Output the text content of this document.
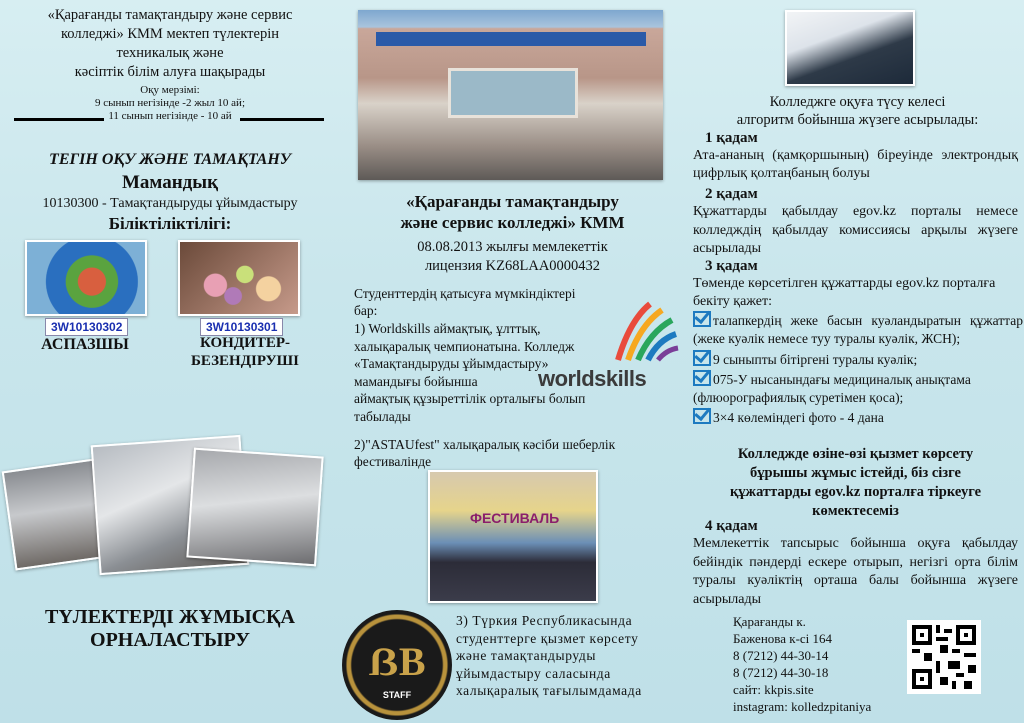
«Қарағанды тамақтандыру және сервис
колледжі» КММ мектеп түлектерін
техникалық және
кәсіптік білім алуға шақырады
Оқу мерзімі:
9 сынып негізінде -2 жыл 10 ай;
11 сынып негізінде - 10 ай
ТЕГІН ОҚУ ЖӘНЕ ТАМАҚТАНУ
Мамандық
10130300 - Тамақтандыруды ұйымдастыру
Біліктіліктілігі:
3W10130302	3W10130301
АСПАЗШЫ	КОНДИТЕР-
БЕЗЕНДІРУШІ
ТҮЛЕКТЕРДІ ЖҰМЫСҚА
ОРНАЛАСТЫРУ
«Қарағанды тамақтандыру
және сервис колледжі» КММ
08.08.2013 жылғы мемлекеттік
лицензия KZ68LAA0000432
Студенттердің қатысуға мүмкіндіктері
бар:
1) Worldskills аймақтық, ұлттық,
халықаралық чемпионатына. Колледж
«Тамақтандыруды ұйымдастыру»
мамандығы бойынша
аймақтық құзыреттілік орталығы болып
табылады
worldskills
2)"ASTAUfest" халықаралық кәсіби шеберлік
фестивалінде
ФЕСТИВАЛЬ
ẞB
STAFF
3) Түркия Республикасында
студенттерге қызмет көрсету
және тамақтандыруды
ұйымдастыру саласында
халықаралық тағылымдамада
Колледжге оқуға түсу келесі
алгоритм бойынша жүзеге асырылады:
1 қадам
Ата-ананың (қамқоршының) біреуінде электрондық цифрлық қолтаңбаның болуы
2 қадам
Құжаттарды қабылдау egov.kz порталы немесе колледждің қабылдау комиссиясы арқылы жүзеге асырылады
3 қадам
Төменде көрсетілген құжаттарды egov.kz порталға бекіту қажет:
талапкердің жеке басын куәландыратын құжаттар (жеке куәлік немесе туу туралы куәлік, ЖСН);
9 сыныпты бітіргені туралы куәлік;
075-У нысанындағы медициналық анықтама (флюорографиялық суретімен қоса);
3×4 көлеміндегі фото - 4 дана
Колледжде өзіне-өзі қызмет көрсету
бұрышы жұмыс істейді, біз сізге
құжаттарды egov.kz порталға тіркеуге
көмектесеміз
4 қадам
Мемлекеттік тапсырыс бойынша оқуға қабылдау бейіндік пәндерді ескере отырып, негізгі орта білім туралы куәліктің орташа балы бойынша жүзеге асырылады
Қарағанды к.
Баженова к-сі 164
8 (7212) 44-30-14
8 (7212) 44-30-18
сайт: kkpis.site
instagram: kolledzpitaniya
